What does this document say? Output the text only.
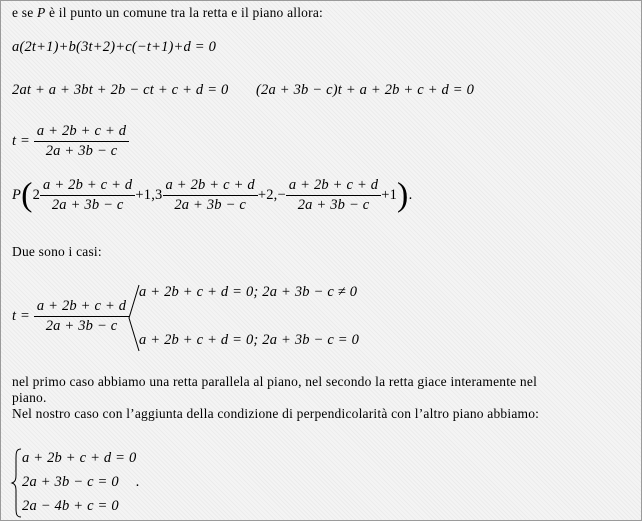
e se P è il punto un comune tra la retta e il piano allora:
a(2t+1)+b(3t+2)+c(−t+1)+d = 0
2at + a + 3bt + 2b − ct + c + d = 0 (2a + 3b − c)t + a + 2b + c + d = 0
$t = \frac{a + 2b + c + d}{2a + 3b - c}$
$P(2 \frac{a + 2b + c + d}{2a + 3b - c} +1,3 \frac{a + 2b + c + d}{2a + 3b - c} +2,- \frac{a + 2b + c + d}{2a + 3b - c} +1)$.
Due sono i casi:
$t = \frac{a + 2b + c + d}{2a + 3b - c}$
a + 2b + c + d = 0; 2a + 3b − c ≠ 0
a + 2b + c + d = 0; 2a + 3b − c = 0
nel primo caso abbiamo una retta parallela al piano, nel secondo la retta giace interamente nel
piano.
Nel nostro caso con l’aggiunta della condizione di perpendicolarità con l’altro piano abbiamo:
a + 2b + c + d = 0
2a + 3b − c = 0
2a − 4b + c = 0
.
